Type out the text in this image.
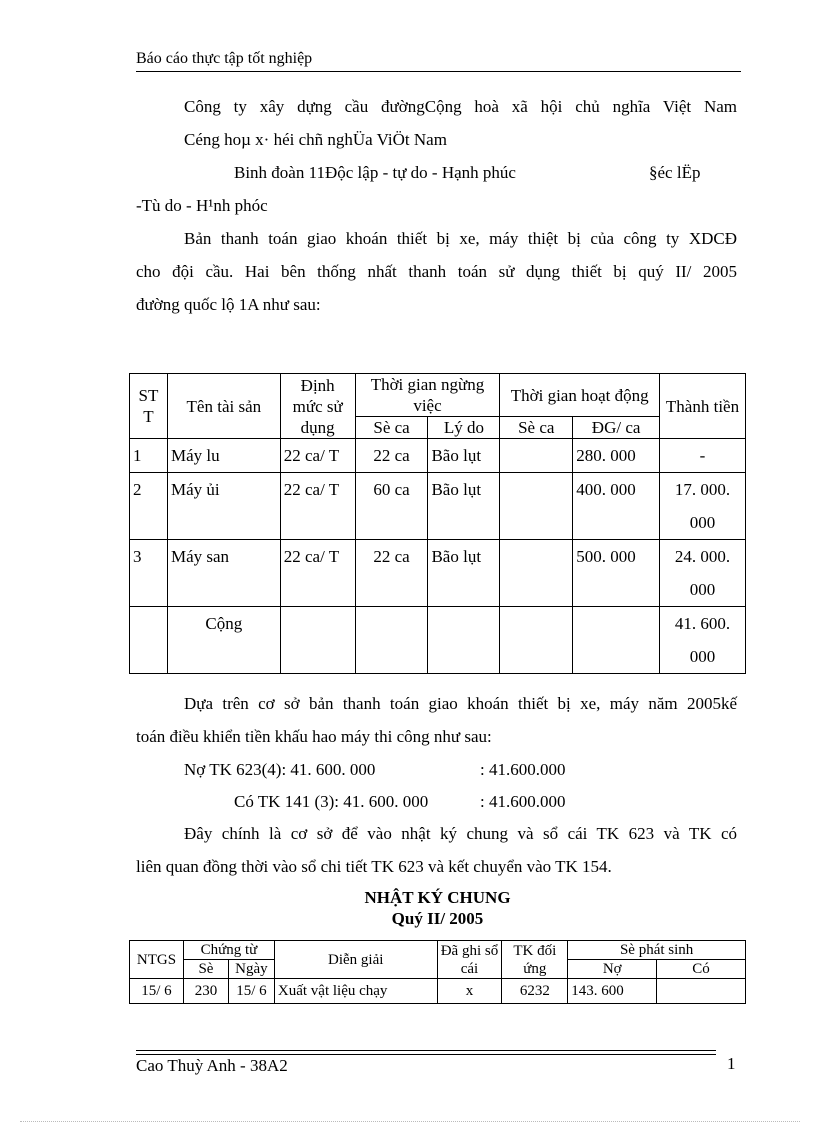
Báo cáo thực tập tốt nghiệp
Công ty xây dựng cầu đườngCộng hoà xã hội chủ nghĩa Việt Nam
Céng hoµ x· héi chñ nghÜa ViÖt Nam
Binh đoàn 11Độc lập - tự do - Hạnh phúc	§éc lËp
-Tù do - H¹nh phóc
Bản thanh toán giao khoán thiết bị xe, máy thiệt bị của công ty XDCĐ
cho đội cầu. Hai bên thống nhất thanh toán sử dụng thiết bị quý II/ 2005
đường quốc lộ 1A như sau:
ST T	Tên tài sản	Định mức sử dụng	Thời gian ngừng việc		Thời gian hoạt động		Thành tiền
			Sè ca	Lý do	Sè ca	ĐG/ ca	
1	Máy lu	22 ca/ T	22 ca	Bão lụt		280. 000	-
2	Máy ủi	22 ca/ T	60 ca	Bão lụt		400. 000	17. 000.
000

3	Máy san	22 ca/ T	22 ca	Bão lụt		500. 000	24. 000.
000

	Cộng						41. 600.
000
Dựa trên cơ sở bản thanh toán giao khoán thiết bị xe, máy năm 2005kế
toán điều khiển tiền khấu hao máy thi công như sau:
Nợ TK 623(4): 41. 600. 000	: 41.600.000
Có TK 141 (3): 41. 600. 000	: 41.600.000
Đây chính là cơ sở để vào nhật ký chung và sổ cái TK 623 và TK có
liên quan đồng thời vào sổ chi tiết TK 623 và kết chuyển vào TK 154.
NHẬT KÝ CHUNG
Quý II/ 2005
NTGS	Chứng từ		Diễn giải	Đã ghi sổ cái	TK đối ứng	Sè phát sinh	
	Sè	Ngày				Nợ	Có
15/ 6	230	15/ 6	Xuất vật liệu chạy	x	6232	143. 600	
Cao Thuỳ Anh - 38A2	1
